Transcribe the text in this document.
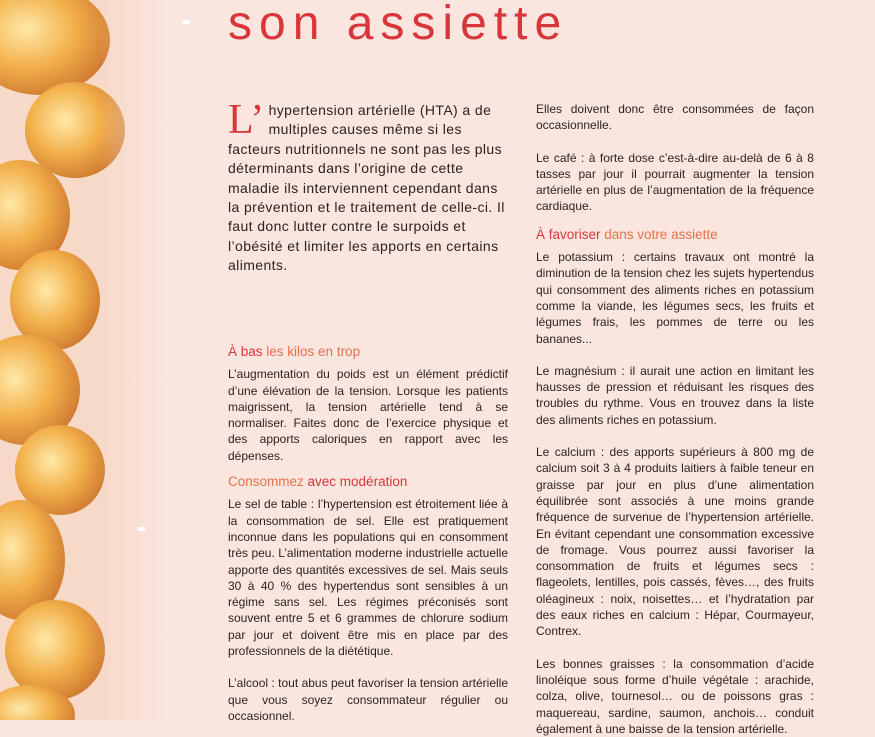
son assiette
L’ hypertension artérielle (HTA) a de multiples causes même si les facteurs nutritionnels ne sont pas les plus déterminants dans l’origine de cette maladie ils interviennent cependant dans la prévention et le traitement de celle-ci. Il faut donc lutter contre le surpoids et l’obésité et limiter les apports en certains aliments.
À bas les kilos en trop

L’augmentation du poids est un élément prédictif d’une élévation de la tension. Lorsque les patients maigrissent, la tension artérielle tend à se normaliser. Faites donc de l’exercice physique et des apports caloriques en rapport avec les dépenses.

Consommez avec modération

Le sel de table : l’hypertension est étroitement liée à la consommation de sel. Elle est pratiquement inconnue dans les populations qui en consomment très peu. L’alimentation moderne industrielle actuelle apporte des quantités excessives de sel. Mais seuls 30 à 40 % des hypertendus sont sensibles à un régime sans sel. Les régimes préconisés sont souvent entre 5 et 6 grammes de chlorure sodium par jour et doivent être mis en place par des professionnels de la diététique.

L’alcool : tout abus peut favoriser la tension artérielle que vous soyez consommateur régulier ou occasionnel.

Elles doivent donc être consommées de façon occasionnelle.

Le café : à forte dose c’est-à-dire au-delà de 6 à 8 tasses par jour il pourrait augmenter la tension artérielle en plus de l’augmentation de la fréquence cardiaque.

À favoriser dans votre assiette

Le potassium : certains travaux ont montré la diminution de la tension chez les sujets hypertendus qui consomment des aliments riches en potassium comme la viande, les légumes secs, les fruits et légumes frais, les pommes de terre ou les bananes...

Le magnésium : il aurait une action en limitant les hausses de pression et réduisant les risques des troubles du rythme. Vous en trouvez dans la liste des aliments riches en potassium.

Le calcium : des apports supérieurs à 800 mg de calcium soit 3 à 4 produits laitiers à faible teneur en graisse par jour en plus d’une alimentation équilibrée sont associés à une moins grande fréquence de survenue de l’hypertension artérielle. En évitant cependant une consommation excessive de fromage. Vous pourrez aussi favoriser la consommation de fruits et légumes secs : flageolets, lentilles, pois cassés, fèves…, des fruits oléagineux : noix, noisettes… et l’hydratation par des eaux riches en calcium : Hépar, Courmayeur, Contrex.

Les bonnes graisses : la consommation d’acide linoléique sous forme d’huile végétale : arachide, colza, olive, tournesol… ou de poissons gras : maquereau, sardine, saumon, anchois… conduit également à une baisse de la tension artérielle.
